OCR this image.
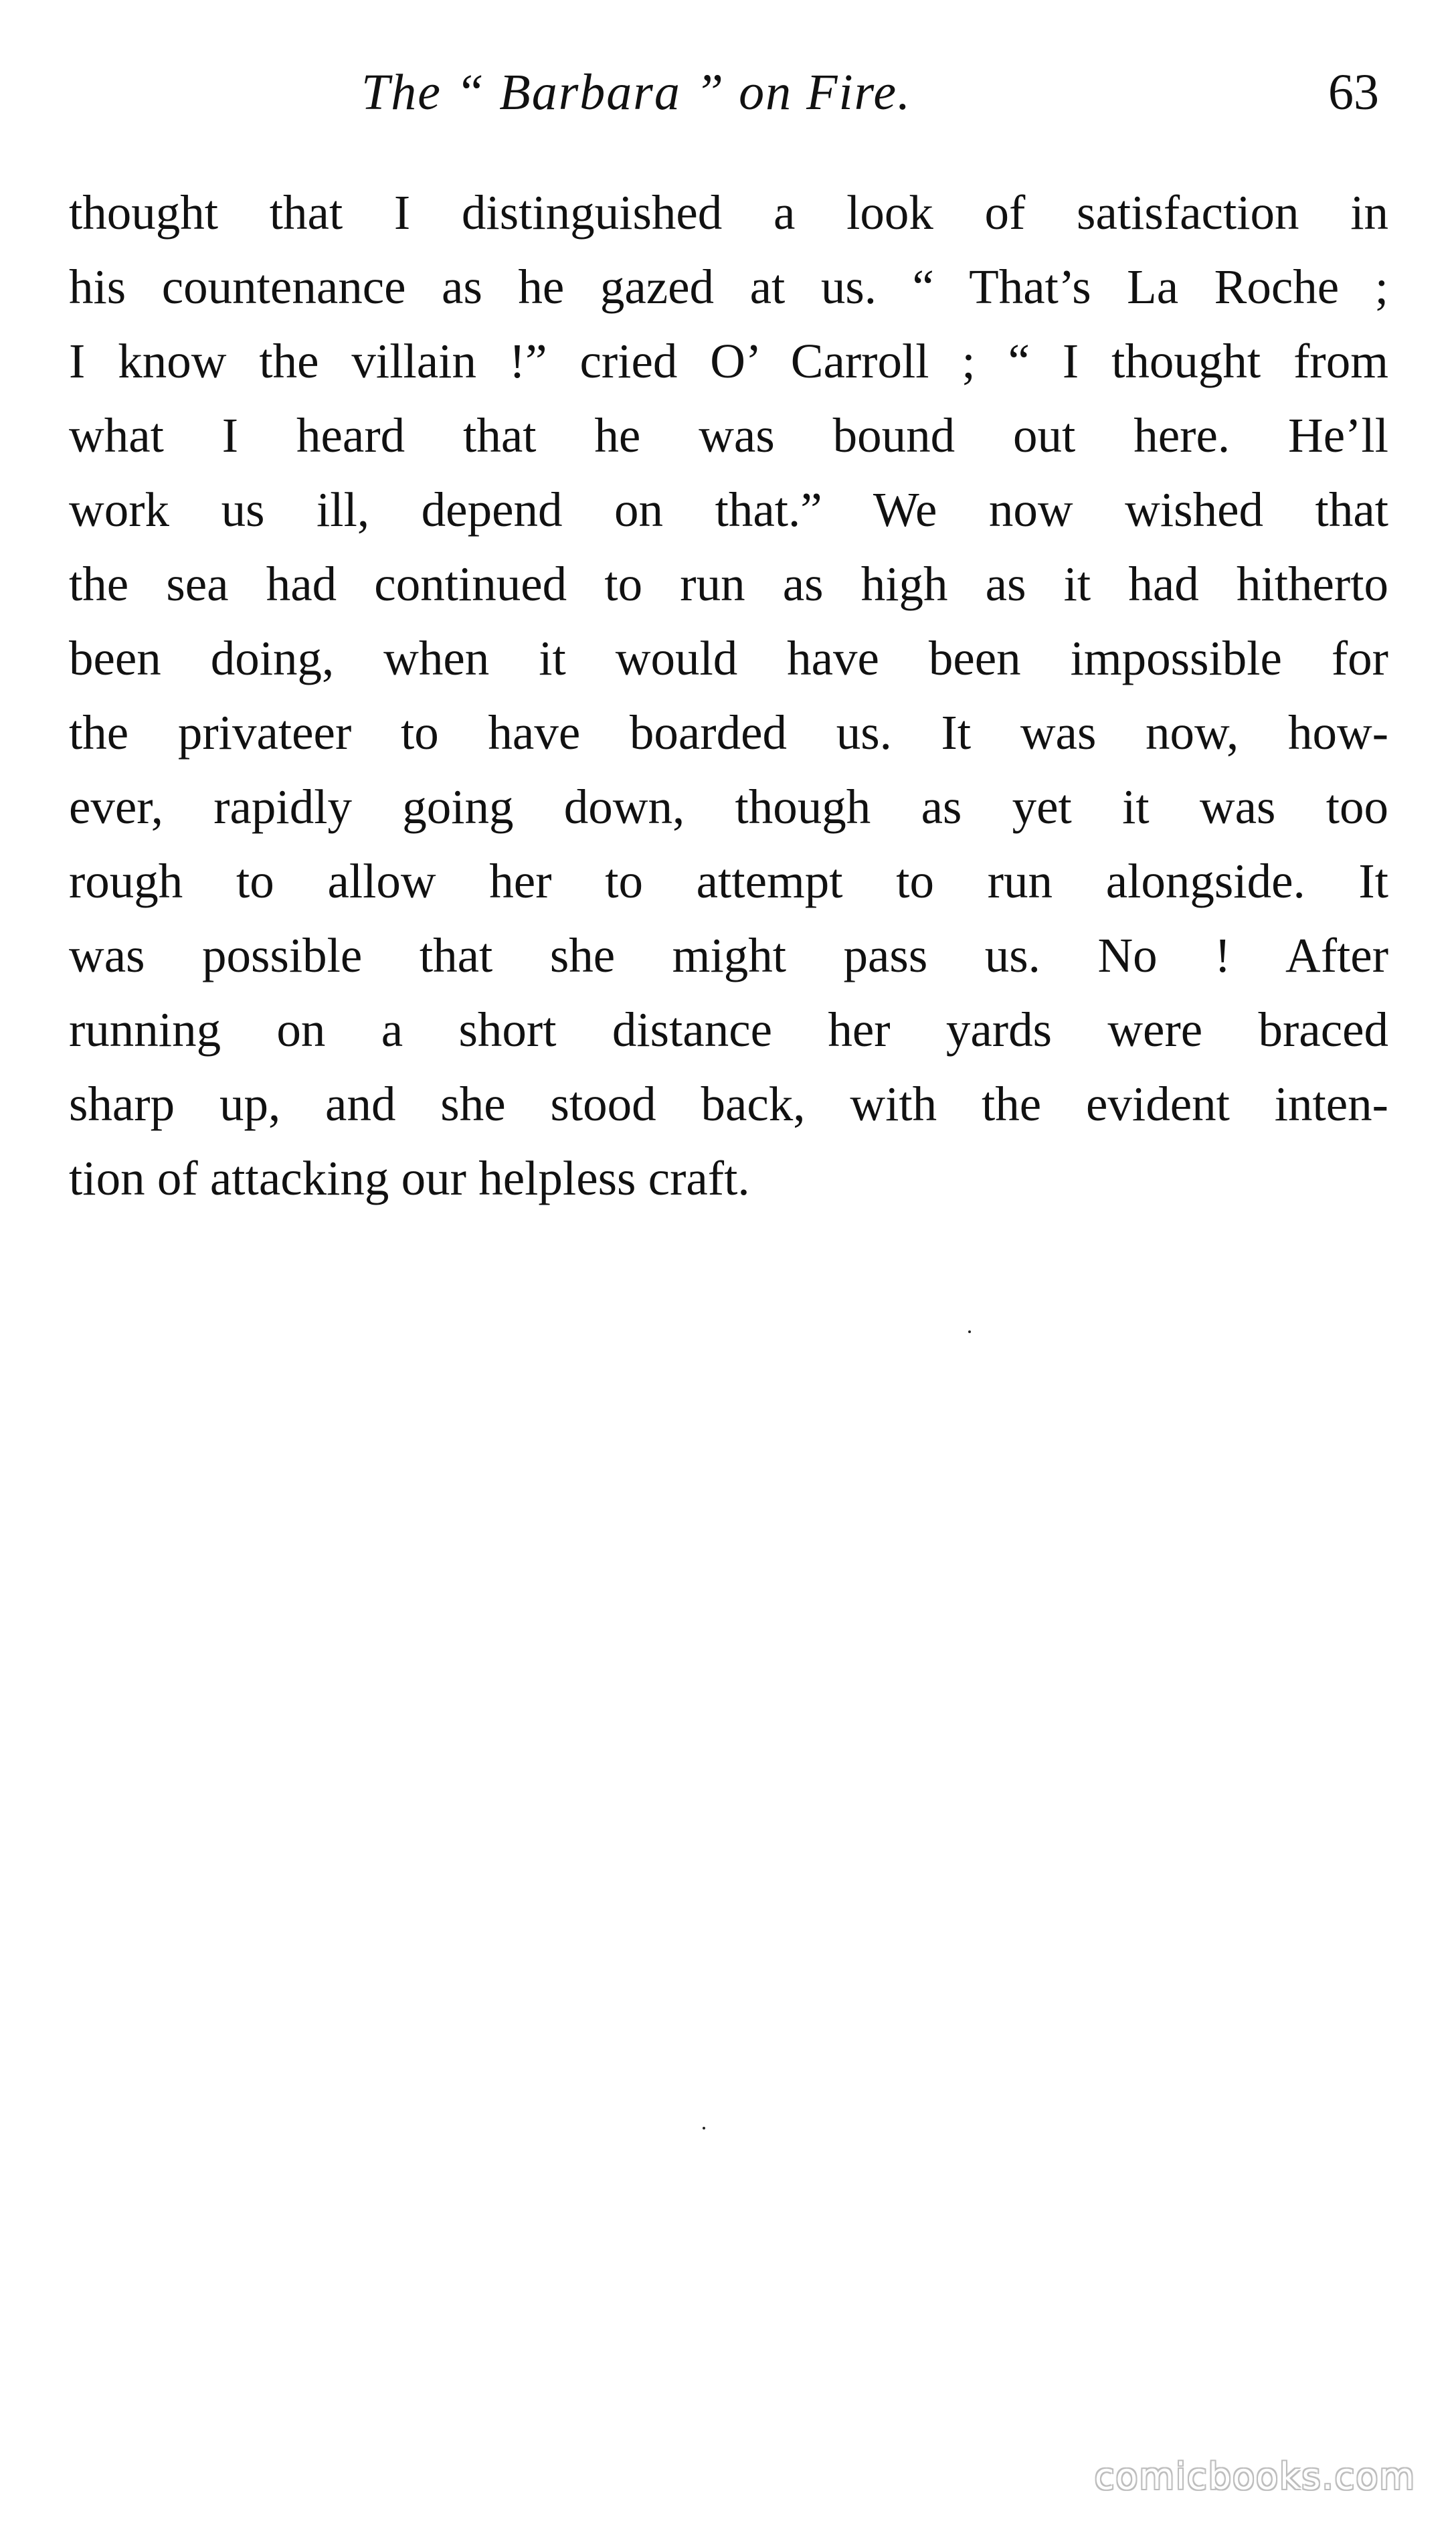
The “ Barbara ” on Fire.	63
thought that I distinguished a look of satisfaction in
his countenance as he gazed at us. “ That’s La Roche ;
I know the villain !” cried O’ Carroll ; “ I thought from
what I heard that he was bound out here. He’ll
work us ill, depend on that.” We now wished that
the sea had continued to run as high as it had hitherto
been doing, when it would have been impossible for
the privateer to have boarded us. It was now, how-
ever, rapidly going down, though as yet it was too
rough to allow her to attempt to run alongside. It
was possible that she might pass us. No ! After
running on a short distance her yards were braced
sharp up, and she stood back, with the evident inten-
tion of attacking our helpless craft.
comicbooks.com
